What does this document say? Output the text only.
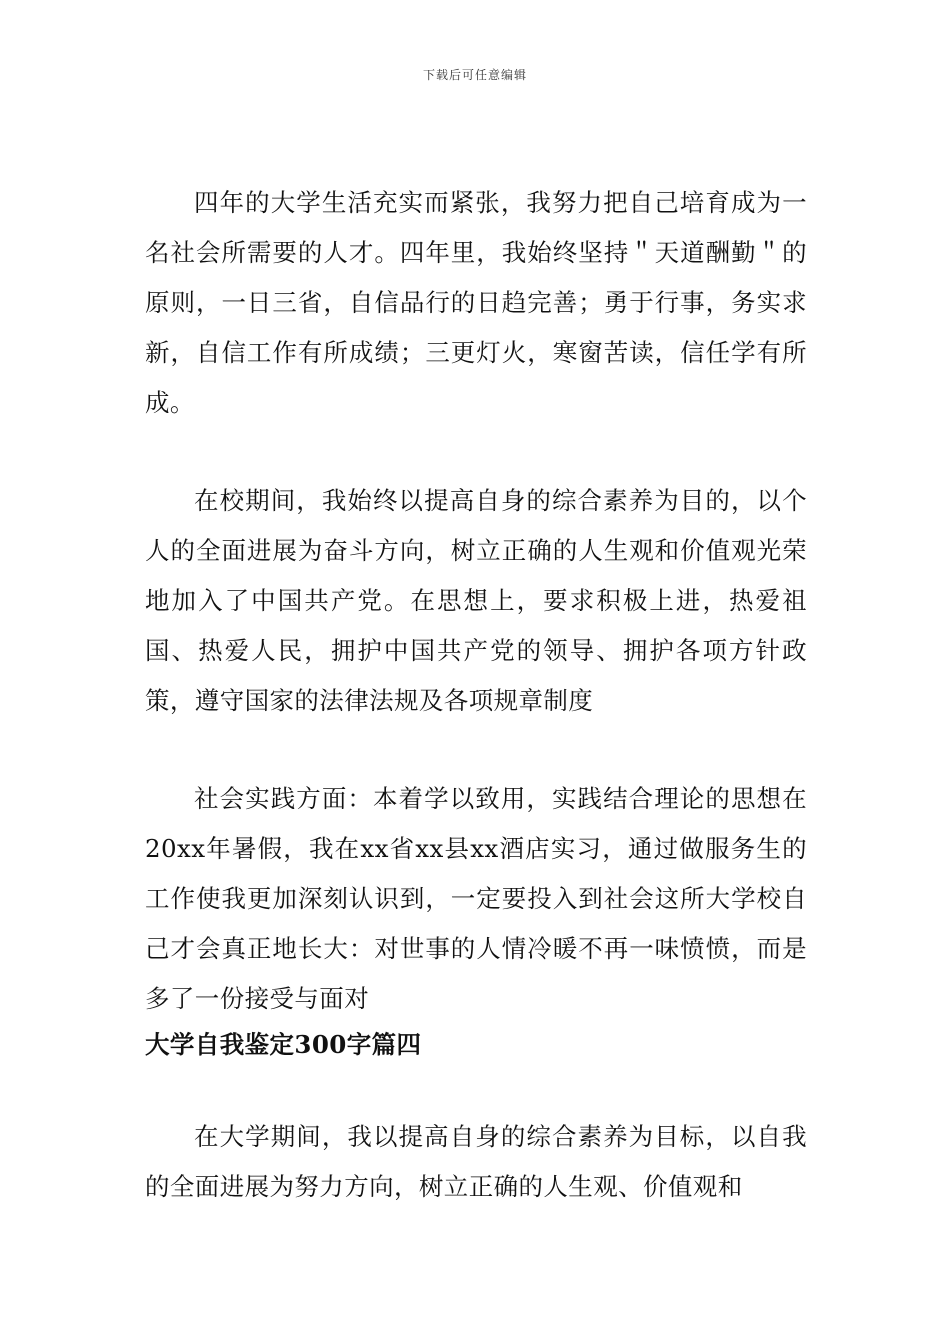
下载后可任意编辑

四年的大学生活充实而紧张，我努力把自己培育成为一名社会所需要的人才。四年里，我始终坚持＂天道酬勤＂的原则，一日三省，自信品行的日趋完善；勇于行事，务实求新，自信工作有所成绩；三更灯火，寒窗苦读，信任学有所成。

在校期间，我始终以提高自身的综合素养为目的，以个人的全面进展为奋斗方向，树立正确的人生观和价值观光荣地加入了中国共产党。在思想上，要求积极上进，热爱祖国、热爱人民，拥护中国共产党的领导、拥护各项方针政策，遵守国家的法律法规及各项规章制度

社会实践方面：本着学以致用，实践结合理论的思想在20xx年暑假，我在xx省xx县xx酒店实习，通过做服务生的工作使我更加深刻认识到，一定要投入到社会这所大学校自己才会真正地长大：对世事的人情冷暖不再一味愤愤，而是多了一份接受与面对

大学自我鉴定300字篇四

在大学期间，我以提高自身的综合素养为目标，以自我的全面进展为努力方向，树立正确的人生观、价值观和
